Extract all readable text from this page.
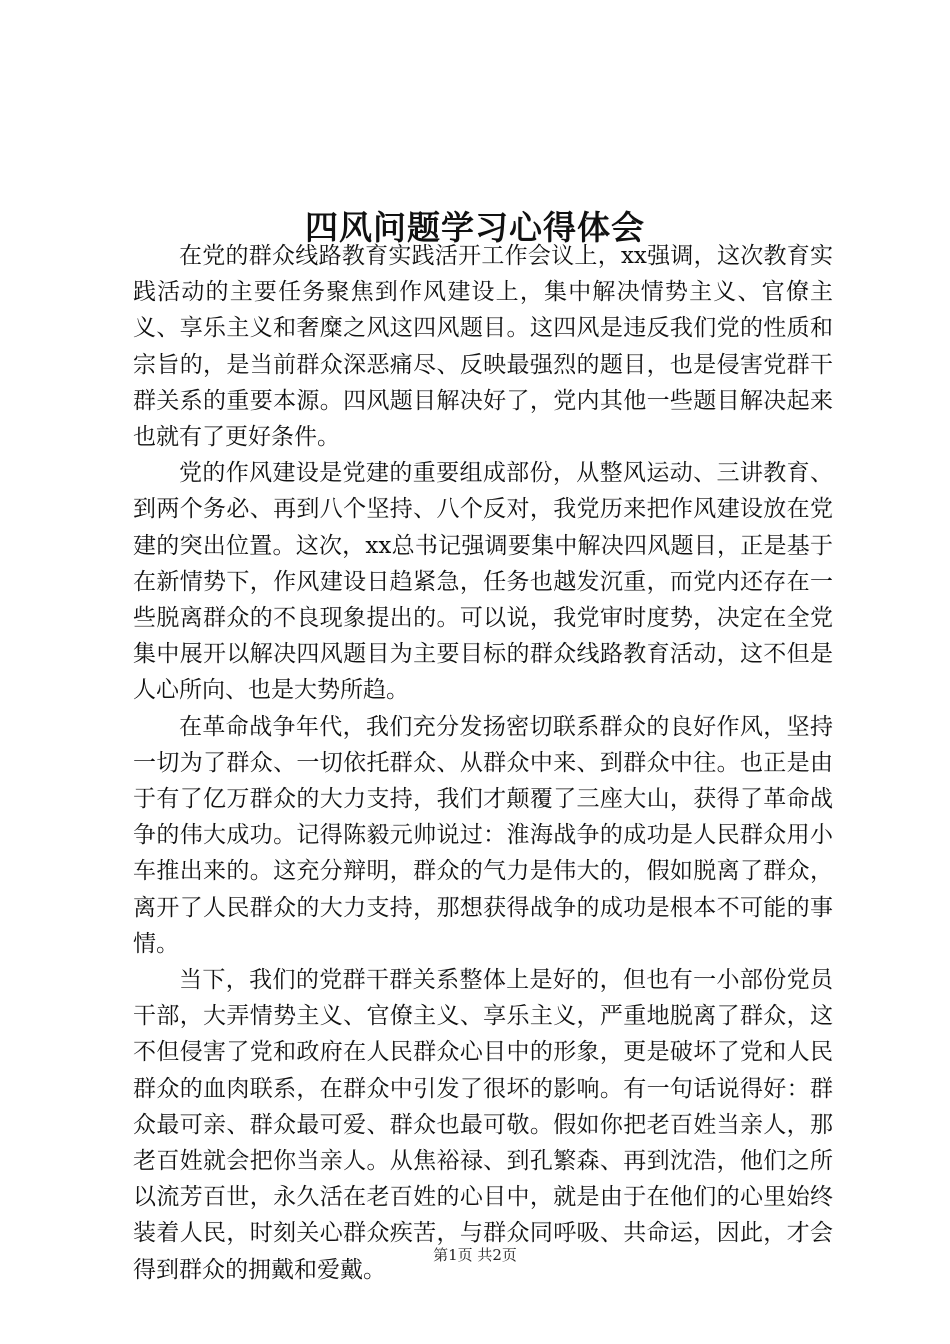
四风问题学习心得体会

在党的群众线路教育实践活开工作会议上，xx强调，这次教育实践活动的主要任务聚焦到作风建设上，集中解决情势主义、官僚主义、享乐主义和奢糜之风这四风题目。这四风是违反我们党的性质和宗旨的，是当前群众深恶痛尽、反映最强烈的题目，也是侵害党群干群关系的重要本源。四风题目解决好了，党内其他一些题目解决起来也就有了更好条件。

党的作风建设是党建的重要组成部份，从整风运动、三讲教育、到两个务必、再到八个坚持、八个反对，我党历来把作风建设放在党建的突出位置。这次，xx总书记强调要集中解决四风题目，正是基于在新情势下，作风建设日趋紧急，任务也越发沉重，而党内还存在一些脱离群众的不良现象提出的。可以说，我党审时度势，决定在全党集中展开以解决四风题目为主要目标的群众线路教育活动，这不但是人心所向、也是大势所趋。

在革命战争年代，我们充分发扬密切联系群众的良好作风，坚持一切为了群众、一切依托群众、从群众中来、到群众中往。也正是由于有了亿万群众的大力支持，我们才颠覆了三座大山，获得了革命战争的伟大成功。记得陈毅元帅说过：淮海战争的成功是人民群众用小车推出来的。这充分辩明，群众的气力是伟大的，假如脱离了群众，离开了人民群众的大力支持，那想获得战争的成功是根本不可能的事情。

当下，我们的党群干群关系整体上是好的，但也有一小部份党员干部，大弄情势主义、官僚主义、享乐主义，严重地脱离了群众，这不但侵害了党和政府在人民群众心目中的形象，更是破坏了党和人民群众的血肉联系，在群众中引发了很坏的影响。有一句话说得好：群众最可亲、群众最可爱、群众也最可敬。假如你把老百姓当亲人，那老百姓就会把你当亲人。从焦裕禄、到孔繁森、再到沈浩，他们之所以流芳百世，永久活在老百姓的心目中，就是由于在他们的心里始终装着人民，时刻关心群众疾苦，与群众同呼吸、共命运，因此，才会得到群众的拥戴和爱戴。

第1页 共2页
